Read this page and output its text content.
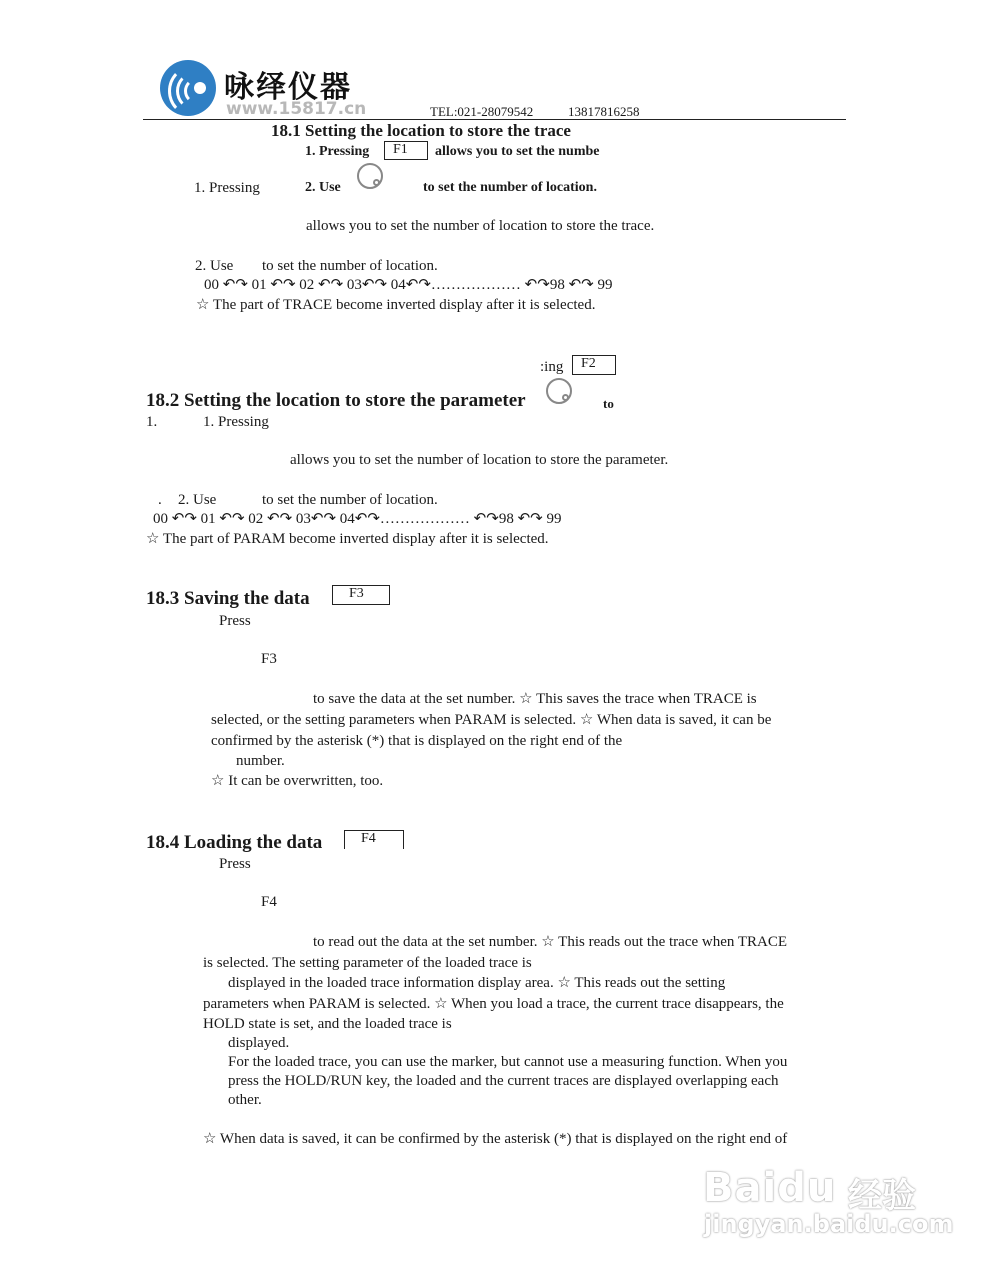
咏绎仪器
www.15817.cn	TEL:021-28079542	13817816258
18.1 Setting the location to store the trace
1. Pressing	F1	allows you to set the numbe
1. Pressing	2. Use	to set the number of location.
allows you to set the number of location to store the trace.
2. Use to set the number of location.
00 ↶↷ 01 ↶↷ 02 ↶↷ 03↶↷ 04↶↷……………… ↶↷98 ↶↷ 99
☆ The part of TRACE become inverted display after it is selected.
:ing	F2
18.2 Setting the location to store the parameter	to
1.	1. Pressing
allows you to set the number of location to store the parameter.
. 2. Use	to set the number of location.
00 ↶↷ 01 ↶↷ 02 ↶↷ 03↶↷ 04↶↷……………… ↶↷98 ↶↷ 99
☆ The part of PARAM become inverted display after it is selected.
18.3 Saving the data	F3
Press
F3
to save the data at the set number. ☆ This saves the trace when TRACE is
selected, or the setting parameters when PARAM is selected. ☆ When data is saved, it can be
confirmed by the asterisk (*) that is displayed on the right end of the
number.
☆ It can be overwritten, too.
18.4 Loading the data	F4
Press
F4
to read out the data at the set number. ☆ This reads out the trace when TRACE
is selected. The setting parameter of the loaded trace is
displayed in the loaded trace information display area. ☆ This reads out the setting
parameters when PARAM is selected. ☆ When you load a trace, the current trace disappears, the
HOLD state is set, and the loaded trace is
displayed.
For the loaded trace, you can use the marker, but cannot use a measuring function. When you
press the HOLD/RUN key, the loaded and the current traces are displayed overlapping each
other.
☆ When data is saved, it can be confirmed by the asterisk (*) that is displayed on the right end of
Baidu 经验
jingyan.baidu.com
